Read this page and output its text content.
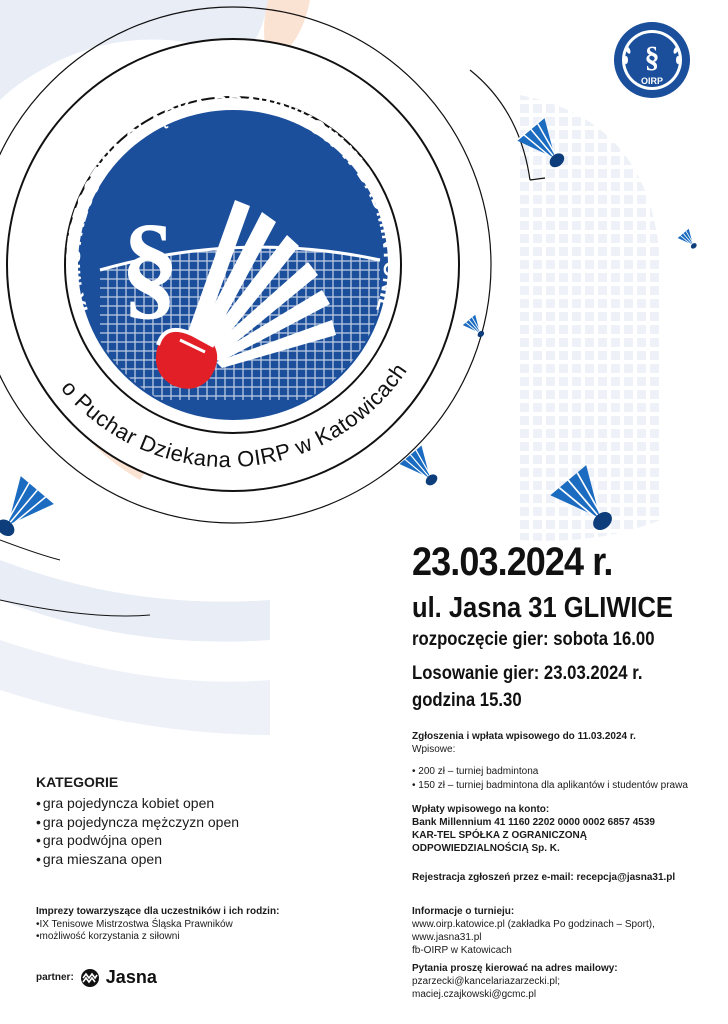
IX MISTRZOSTWA ŚLĄSKA PRAWNIKÓW W BADMINTONIE
o Puchar Dziekana OIRP w Katowicach
§
§
OIRP
23.03.2024 r.
ul. Jasna 31 GLIWICE
rozpoczęcie gier: sobota 16.00
Losowanie gier: 23.03.2024 r.
godzina 15.30
Zgłoszenia i wpłata wpisowego do 11.03.2024 r.
Wpisowe:
• 200 zł – turniej badmintona
• 150 zł – turniej badmintona dla aplikantów i studentów prawa
Wpłaty wpisowego na konto:
Bank Millennium 41 1160 2202 0000 0002 6857 4539
KAR-TEL SPÓŁKA Z OGRANICZONĄ
ODPOWIEDZIALNOŚCIĄ Sp. K.
Rejestracja zgłoszeń przez e-mail: recepcja@jasna31.pl
Informacje o turnieju:
www.oirp.katowice.pl (zakładka Po godzinach – Sport),
www.jasna31.pl
fb-OIRP w Katowicach
Pytania proszę kierować na adres mailowy:
pzarzecki@kancelariazarzecki.pl;
maciej.czajkowski@gcmc.pl
KATEGORIE
• gra pojedyncza kobiet open
• gra pojedyncza mężczyzn open
• gra podwójna open
• gra mieszana open
Imprezy towarzyszące dla uczestników i ich rodzin:
• IX Tenisowe Mistrzostwa Śląska Prawników
• możliwość korzystania z siłowni
partner: Jasna
